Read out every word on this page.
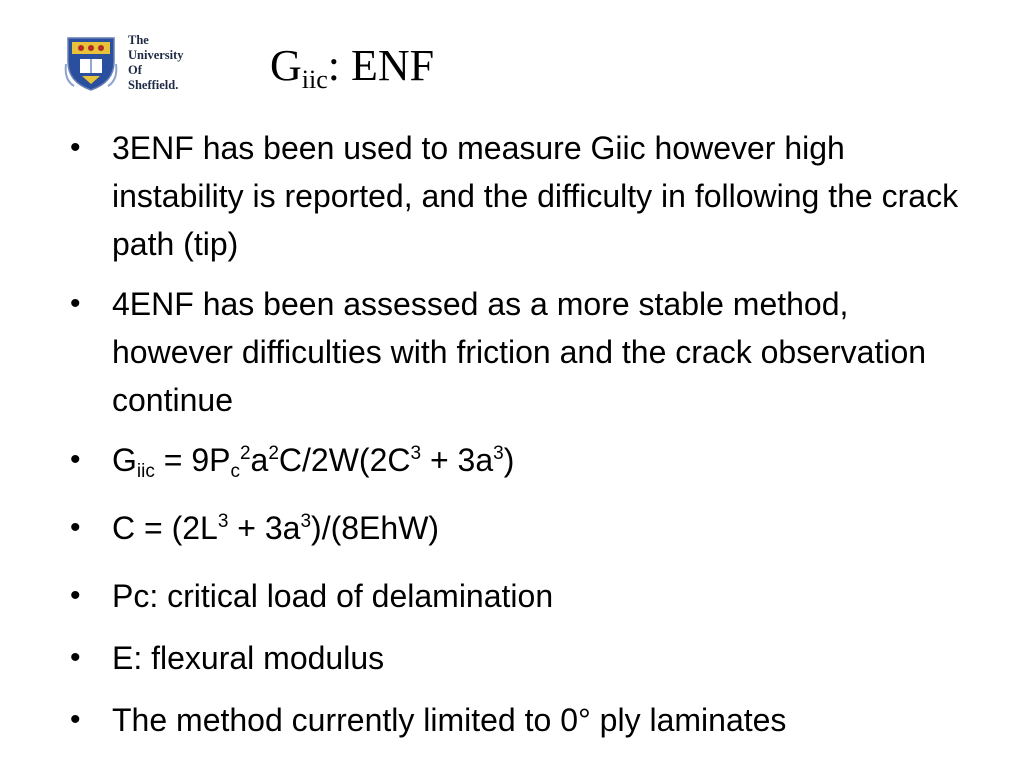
The
University
Of
Sheffield. $G_{iic}$: ENF
• 3ENF has been used to measure Giic however high instability is reported, and the difficulty in following the crack path (tip)
• 4ENF has been assessed as a more stable method, however difficulties with friction and the crack observation continue
• $G_{iic} = 9P_c^2a^2C/2W(2C^3 + 3a^3)$
• $C = (2L^3 + 3a^3)/(8EhW)$
• Pc: critical load of delamination
• E: flexural modulus
• The method currently limited to 0° ply laminates
